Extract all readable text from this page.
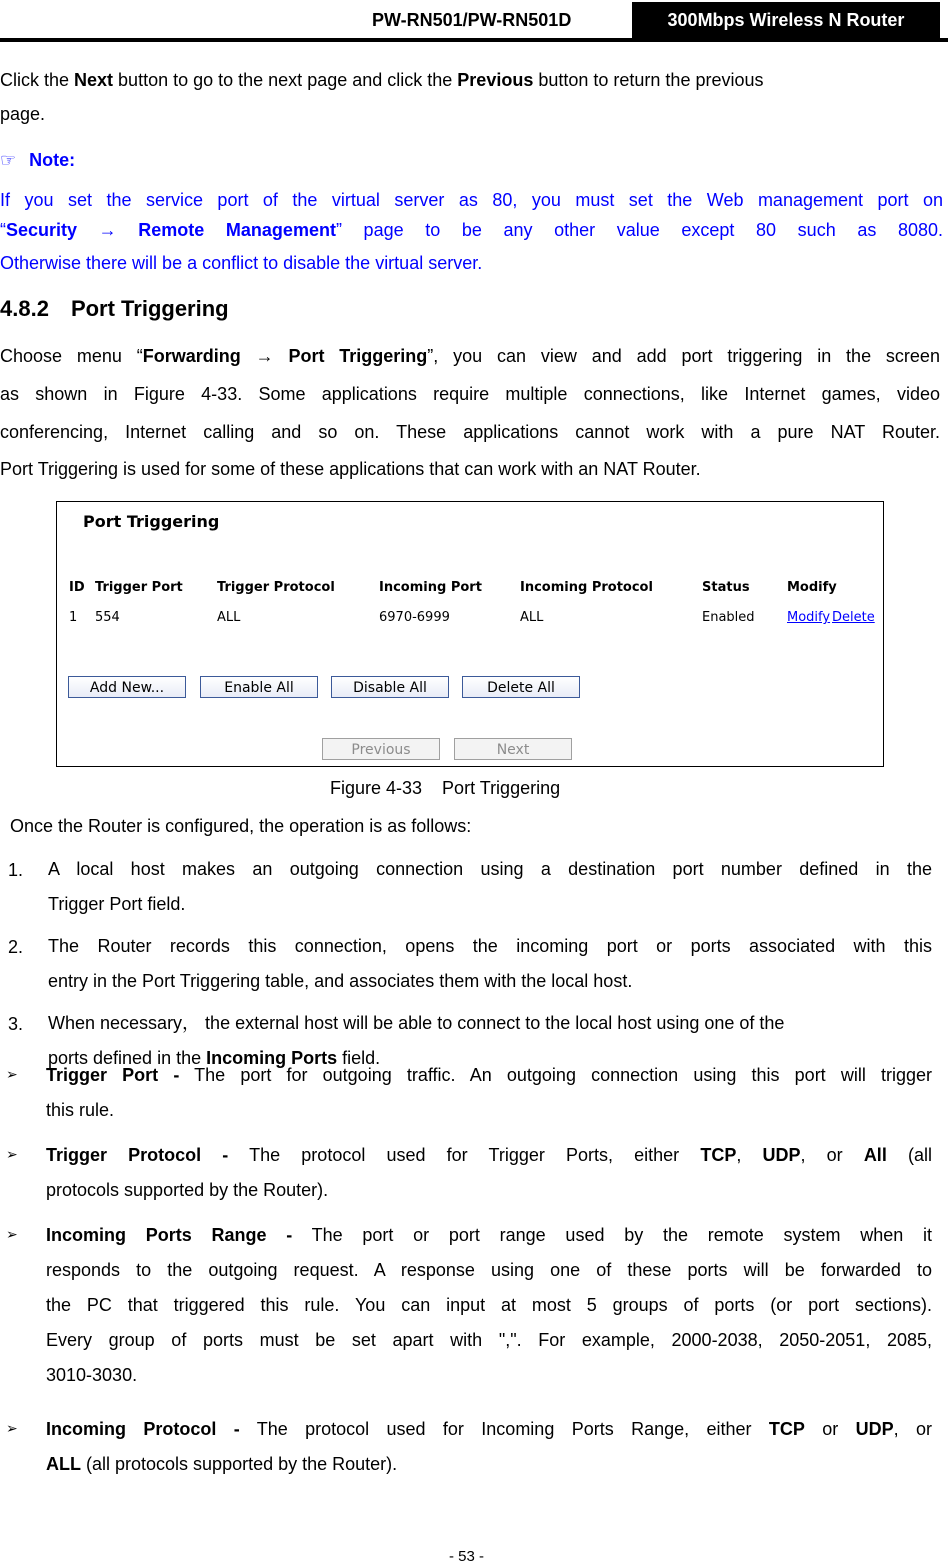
PW-RN501/PW-RN501D	300Mbps Wireless N Router
Click the Next button to go to the next page and click the Previous button to return the previous
page.
☞ Note:
If you set the service port of the virtual server as 80, you must set the Web management port on
“Security → Remote Management” page to be any other value except 80 such as 8080.
Otherwise there will be a conflict to disable the virtual server.
4.8.2 Port Triggering
Choose menu “Forwarding → Port Triggering”, you can view and add port triggering in the screen
as shown in Figure 4-33. Some applications require multiple connections, like Internet games, video
conferencing, Internet calling and so on. These applications cannot work with a pure NAT Router.
Port Triggering is used for some of these applications that can work with an NAT Router.
Port Triggering
ID Trigger Port	Trigger Protocol	Incoming Port	Incoming Protocol	Status	Modify
1 554	ALL	6970-6999	ALL	Enabled Modify Delete
Add New...	Enable All	Disable All	Delete All
Previous	Next
Figure 4-33    Port Triggering
Once the Router is configured, the operation is as follows:
1. A local host makes an outgoing connection using a destination port number defined in the
Trigger Port field.
2. The Router records this connection, opens the incoming port or ports associated with this
entry in the Port Triggering table, and associates them with the local host.
3. When necessary， the external host will be able to connect to the local host using one of the
ports defined in the Incoming Ports field.
➢ Trigger Port - The port for outgoing traffic. An outgoing connection using this port will trigger
this rule.
➢ Trigger Protocol - The protocol used for Trigger Ports, either TCP, UDP, or All (all
protocols supported by the Router).
➢ Incoming Ports Range - The port or port range used by the remote system when it
responds to the outgoing request. A response using one of these ports will be forwarded to
the PC that triggered this rule. You can input at most 5 groups of ports (or port sections).
Every group of ports must be set apart with ",". For example, 2000-2038, 2050-2051, 2085,
3010-3030.
➢ Incoming Protocol - The protocol used for Incoming Ports Range, either TCP or UDP, or
ALL (all protocols supported by the Router).
- 53 -
